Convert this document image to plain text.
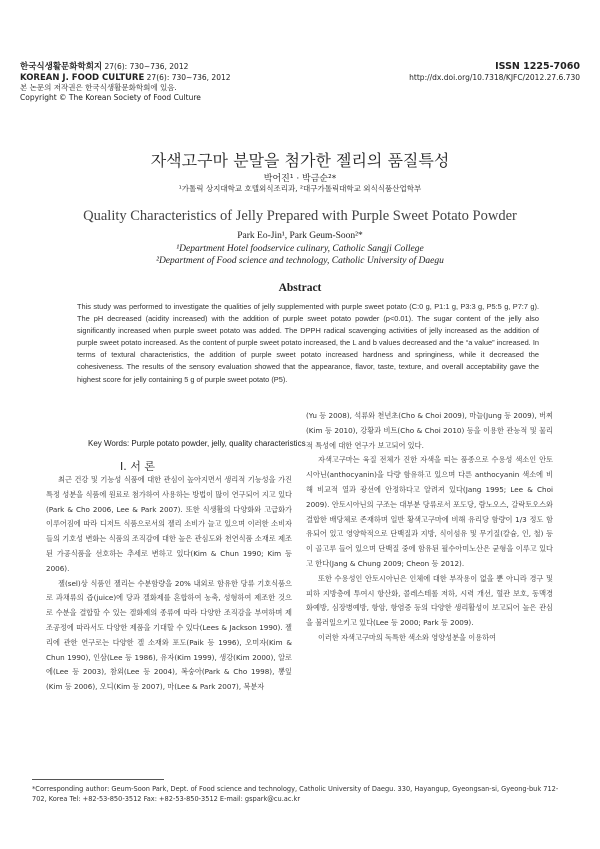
한국식생활문화학회지 27(6): 730~736, 2012
KOREAN J. FOOD CULTURE 27(6): 730~736, 2012
본 논문의 저작권은 한국식생활문화학회에 있음.
Copyright © The Korean Society of Food Culture
ISSN 1225-7060
http://dx.doi.org/10.7318/KJFC/2012.27.6.730
자색고구마 분말을 첨가한 젤리의 품질특성
박어진¹ · 박금순²*
¹가톨릭 상지대학교 호텔외식조리과, ²대구가톨릭대학교 외식식품산업학부
Quality Characteristics of Jelly Prepared with Purple Sweet Potato Powder
Park Eo-Jin¹, Park Geum-Soon²*
¹Department Hotel foodservice culinary, Catholic Sangji College
²Department of Food science and technology, Catholic University of Daegu
Abstract
This study was performed to investigate the qualities of jelly supplemented with purple sweet potato (C:0 g, P1:1 g, P3:3 g, P5:5 g, P7:7 g). The pH decreased (acidity increased) with the addition of purple sweet potato powder (p<0.01). The sugar content of the jelly also significantly increased when purple sweet potato was added. The DPPH radical scavenging activities of jelly increased as the addition of purple sweet potato increased. As the content of purple sweet potato increased, the L and b values decreased and the “a value” increased. In terms of textural characteristics, the addition of purple sweet potato increased hardness and springiness, while it decreased the cohesiveness. The results of the sensory evaluation showed that the appearance, flavor, taste, texture, and overall acceptability gave the highest score for jelly containing 5 g of purple sweet potato (P5).
Key Words: Purple potato powder, jelly, quality characteristics
Ⅰ. 서 론

최근 건강 및 기능성 식품에 대한 관심이 높아지면서 생리적 기능성을 가진 특정 성분을 식품에 원료로 첨가하여 사용하는 방법이 많이 연구되어 지고 있다(Park & Cho 2006, Lee & Park 2007). 또한 식생활의 다양화와 고급화가 이루어짐에 따라 디저트 식품으로서의 젤리 소비가 늘고 있으며 이러한 소비자들의 기호성 변화는 식품의 조직감에 대한 높은 관심도와 천연식품 소재로 제조된 가공식품을 선호하는 추세로 변하고 있다(Kim & Chun 1990; Kim 등 2006).

젤(sel)상 식품인 젤리는 수분함량을 20% 내외로 함유한 당류 기호식품으로 과채류의 즙(juice)에 당과 겔화제를 혼합하여 농축, 성형하여 제조한 것으로 수분을 결합할 수 있는 겔화제의 종류에 따라 다양한 조직감을 부여하며 제조공정에 따라서도 다양한 제품을 기대할 수 있다(Lees & Jackson 1990). 젤리에 관한 연구로는 다양한 겔 소재와 포도(Paik 등 1996), 오미자(Kim & Chun 1990), 인삼(Lee 등 1986), 유자(Kim 1999), 생강(Kim 2000), 알로에(Lee 등 2003), 참외(Lee 등 2004), 복숭아(Park & Cho 1998), 뽕잎(Kim 등 2006), 오디(Kim 등 2007), 마(Lee & Park 2007), 복분자

(Yu 등 2008), 석류와 천년초(Cho & Choi 2009), 마늘(Jung 등 2009), 버찌(Kim 등 2010), 강황과 비트(Cho & Choi 2010) 등을 이용한 관능적 및 물리적 특성에 대한 연구가 보고되어 있다.

자색고구마는 육질 전체가 진한 자색을 띠는 품종으로 수용성 색소인 안토시아닌(anthocyanin)을 다량 함유하고 있으며 다른 anthocyanin 색소에 비해 비교적 열과 광선에 안정하다고 알려져 있다(Jang 1995; Lee & Choi 2009). 안토시아닌의 구조는 대부분 당류로서 포도당, 람노오스, 갈락토오스와 결합한 배당체로 존재하며 일반 황색고구마에 비해 유리당 함량이 1/3 정도 함유되어 있고 영양학적으로 단백질과 지방, 식이섬유 및 무기질(칼슘, 인, 철) 등이 골고루 들어 있으며 단백질 중에 함유된 필수아미노산은 균형을 이루고 있다고 한다(Jang & Chung 2009; Cheon 등 2012).

또한 수용성인 안토시아닌은 인체에 대한 부작용이 없을 뿐 아니라 경구 및 피하 지방층에 투여시 항산화, 콜레스테롤 저하, 시력 개선, 혈관 보호, 동맥경화예방, 심장병예방, 항암, 항염증 등의 다양한 생리활성이 보고되어 높은 관심을 불러일으키고 있다(Lee 등 2000; Park 등 2009).

이러한 자색고구마의 독특한 색소와 영양성분을 이용하여

*Corresponding author: Geum-Soon Park, Dept. of Food science and technology, Catholic University of Daegu. 330, Hayangup, Gyeongsan-si, Gyeong-buk 712-702, Korea Tel: +82-53-850-3512 Fax: +82-53-850-3512 E-mail: gspark@cu.ac.kr
